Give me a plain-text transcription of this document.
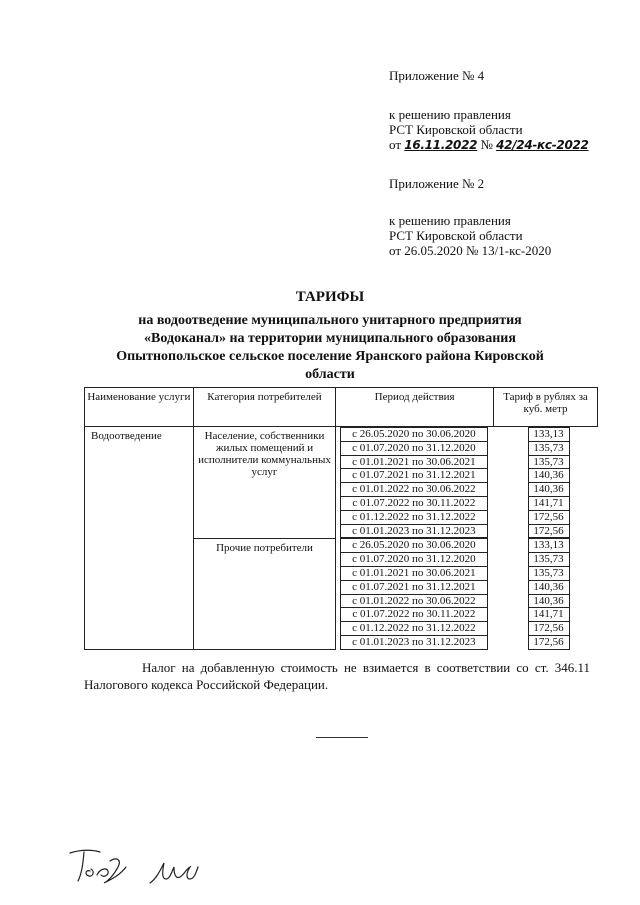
Приложение № 4
к решению правления
РСТ Кировской области
от 16.11.2022 № 42/24-кс-2022
Приложение № 2
к решению правления
РСТ Кировской области
от 26.05.2020 № 13/1-кс-2020
ТАРИФЫ
на водоотведение муниципального унитарного предприятия
«Водоканал» на территории муниципального образования
Опытнопольское сельское поселение Яранского района Кировской
области
Наименование услуги	Категория потребителей	Период действия	Тариф в рублях за куб. метр
Водоотведение	Население, собственники жилых помещений и исполнители коммунальных услуг	с 26.05.2020 по 30.06.2020	133,13

		с 01.07.2020 по 31.12.2020	135,73

		с 01.01.2021 по 30.06.2021	135,73

		с 01.07.2021 по 31.12.2021	140,36

		с 01.01.2022 по 30.06.2022	140,36

		с 01.07.2022 по 30.11.2022	141,71

		с 01.12.2022 по 31.12.2022	172,56

		с 01.01.2023 по 31.12.2023	172,56

	Прочие потребители	с 26.05.2020 по 30.06.2020	133,13

		с 01.07.2020 по 31.12.2020	135,73

		с 01.01.2021 по 30.06.2021	135,73

		с 01.07.2021 по 31.12.2021	140,36

		с 01.01.2022 по 30.06.2022	140,36

		с 01.07.2022 по 30.11.2022	141,71

		с 01.12.2022 по 31.12.2022	172,56

		с 01.01.2023 по 31.12.2023	172,56
Налог на добавленную стоимость не взимается в соответствии со ст. 346.11 Налогового кодекса Российской Федерации.
